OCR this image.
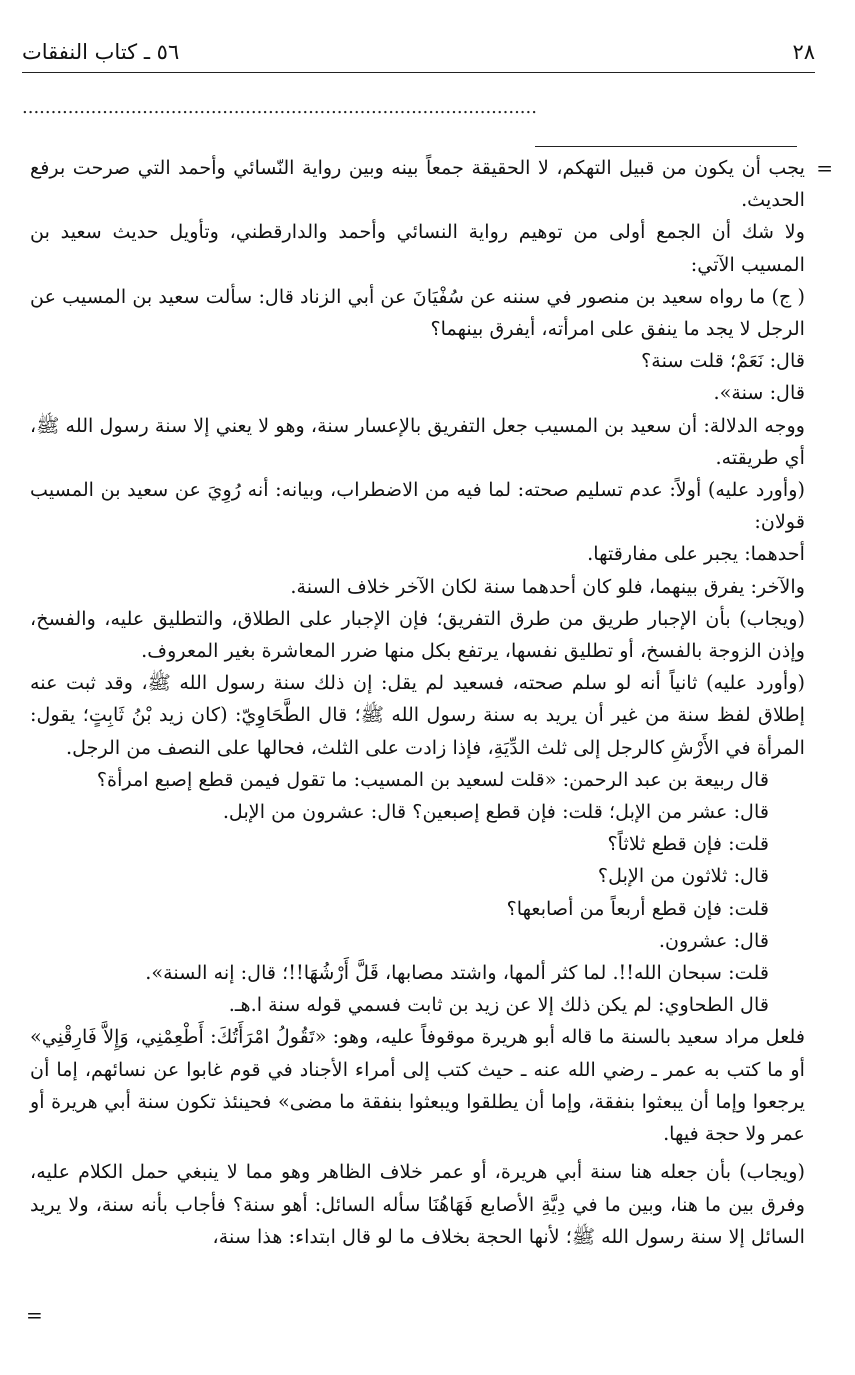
٢٨
٥٦ ـ كتاب النفقات
..........................................................................................
=
=

يجب أن يكون من قبيل التهكم، لا الحقيقة جمعاً بينه وبين رواية النّسائي وأحمد التي صرحت برفع الحديث.

ولا شك أن الجمع أولى من توهيم رواية النسائي وأحمد والدارقطني، وتأويل حديث سعيد بن المسيب الآتي:

( ج) ما رواه سعيد بن منصور في سننه عن سُفْيَانَ عن أبي الزناد قال: سألت سعيد بن المسيب عن الرجل لا يجد ما ينفق على امرأته، أيفرق بينهما؟

قال: نَعَمْ؛ قلت سنة؟

قال: سنة».

ووجه الدلالة: أن سعيد بن المسيب جعل التفريق بالإعسار سنة، وهو لا يعني إلا سنة رسول الله ﷺ، أي طريقته.

(وأورد عليه) أولاً: عدم تسليم صحته: لما فيه من الاضطراب، وبيانه: أنه رُوِيَ عن سعيد بن المسيب قولان:

أحدهما: يجبر على مفارقتها.

والآخر: يفرق بينهما، فلو كان أحدهما سنة لكان الآخر خلاف السنة.

(ويجاب) بأن الإجبار طريق من طرق التفريق؛ فإن الإجبار على الطلاق، والتطليق عليه، والفسخ، وإذن الزوجة بالفسخ، أو تطليق نفسها، يرتفع بكل منها ضرر المعاشرة بغير المعروف.

(وأورد عليه) ثانياً أنه لو سلم صحته، فسعيد لم يقل: إن ذلك سنة رسول الله ﷺ، وقد ثبت عنه إطلاق لفظ سنة من غير أن يريد به سنة رسول الله ﷺ؛ قال الطَّحَاوِيّ: (كان زيد بْنُ ثَابِتٍ؛ يقول: المرأة في الأَرْشِ كالرجل إلى ثلث الدِّيَةِ، فإذا زادت على الثلث، فحالها على النصف من الرجل.

قال ربيعة بن عبد الرحمن: «قلت لسعيد بن المسيب: ما تقول فيمن قطع إصبع امرأة؟

قال: عشر من الإبل؛ قلت: فإن قطع إصبعين؟ قال: عشرون من الإبل.

قلت: فإن قطع ثلاثاً؟

قال: ثلاثون من الإبل؟

قلت: فإن قطع أربعاً من أصابعها؟

قال: عشرون.

قلت: سبحان الله!!. لما كثر ألمها، واشتد مصابها، قَلَّ أَرْشُهَا!!؛ قال: إنه السنة».

قال الطحاوي: لم يكن ذلك إلا عن زيد بن ثابت فسمي قوله سنة ا.هـ.

فلعل مراد سعيد بالسنة ما قاله أبو هريرة موقوفاً عليه، وهو: «تَقُولُ امْرَأَتُكَ: أَطْعِمْنِي، وَإِلاَّ فَارِقْنِي» أو ما كتب به عمر ـ رضي الله عنه ـ حيث كتب إلى أمراء الأجناد في قوم غابوا عن نسائهم، إما أن يرجعوا وإما أن يبعثوا بنفقة، وإما أن يطلقوا ويبعثوا بنفقة ما مضى» فحينئذ تكون سنة أبي هريرة أو عمر ولا حجة فيها.

(ويجاب) بأن جعله هنا سنة أبي هريرة، أو عمر خلاف الظاهر وهو مما لا ينبغي حمل الكلام عليه، وفرق بين ما هنا، وبين ما في دِيَّةِ الأصابع فَهَاهُنَا سأله السائل: أهو سنة؟ فأجاب بأنه سنة، ولا يريد السائل إلا سنة رسول الله ﷺ؛ لأنها الحجة بخلاف ما لو قال ابتداء: هذا سنة،
